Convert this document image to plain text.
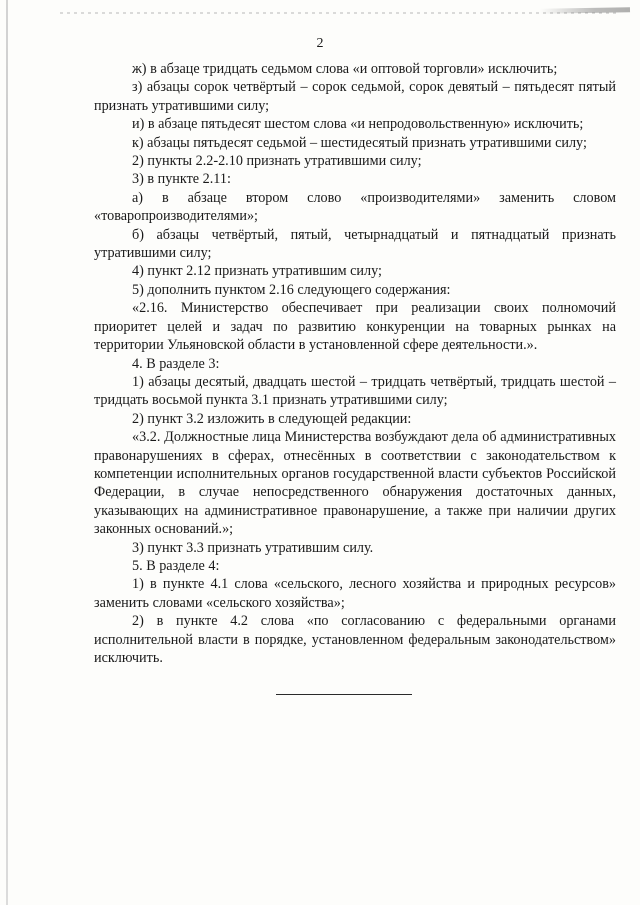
2

ж) в абзаце тридцать седьмом слова «и оптовой торговли» исключить;

з) абзацы сорок четвёртый – сорок седьмой, сорок девятый – пятьдесят пятый признать утратившими силу;

и) в абзаце пятьдесят шестом слова «и непродовольственную» исключить;

к) абзацы пятьдесят седьмой – шестидесятый признать утратившими силу;

2) пункты 2.2-2.10 признать утратившими силу;

3) в пункте 2.11:

а) в абзаце втором слово «производителями» заменить словом «товаропроизводителями»;

б) абзацы четвёртый, пятый, четырнадцатый и пятнадцатый признать утратившими силу;

4) пункт 2.12 признать утратившим силу;

5) дополнить пунктом 2.16 следующего содержания:

«2.16. Министерство обеспечивает при реализации своих полномочий приоритет целей и задач по развитию конкуренции на товарных рынках на территории Ульяновской области в установленной сфере деятельности.».

4. В разделе 3:

1) абзацы десятый, двадцать шестой – тридцать четвёртый, тридцать шестой – тридцать восьмой пункта 3.1 признать утратившими силу;

2) пункт 3.2 изложить в следующей редакции:

«3.2. Должностные лица Министерства возбуждают дела об административных правонарушениях в сферах, отнесённых в соответствии с законодательством к компетенции исполнительных органов государственной власти субъектов Российской Федерации, в случае непосредственного обнаружения достаточных данных, указывающих на административное правонарушение, а также при наличии других законных оснований.»;

3) пункт 3.3 признать утратившим силу.

5. В разделе 4:

1) в пункте 4.1 слова «сельского, лесного хозяйства и природных ресурсов» заменить словами «сельского хозяйства»;

2) в пункте 4.2 слова «по согласованию с федеральными органами исполнительной власти в порядке, установленном федеральным законодательством» исключить.
